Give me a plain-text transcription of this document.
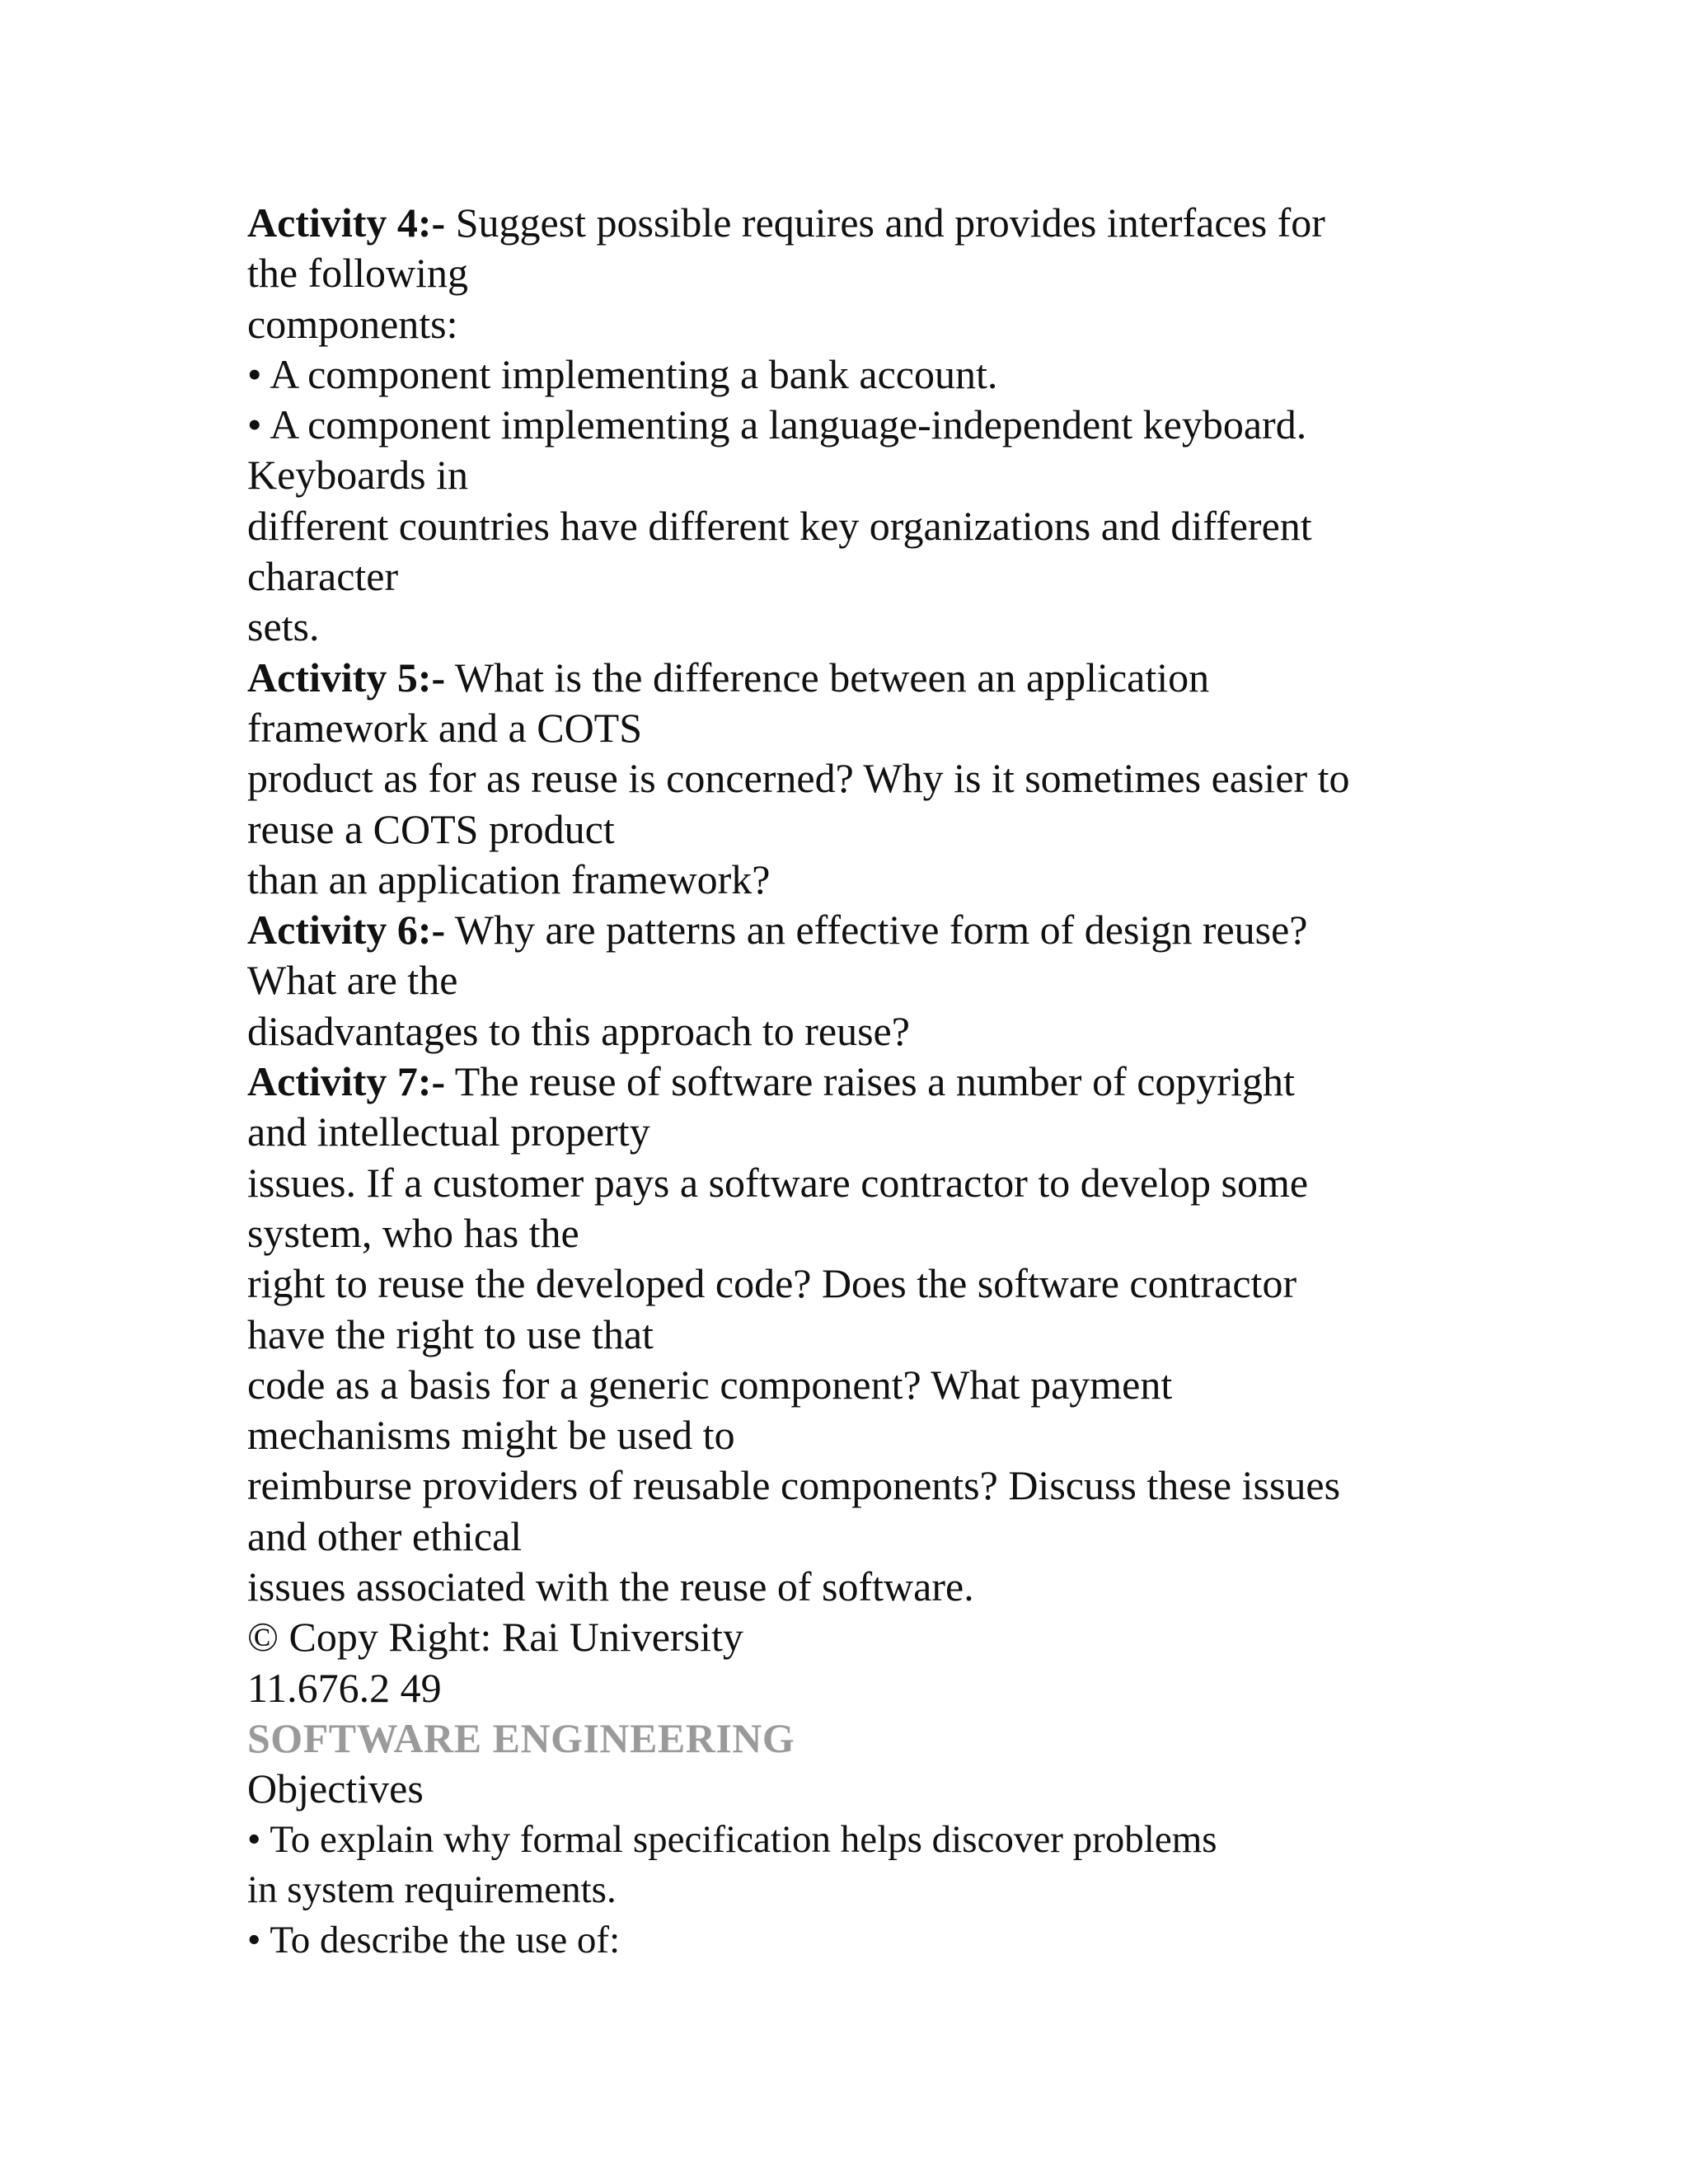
Activity 4:- Suggest possible requires and provides interfaces for
the following
components:
• A component implementing a bank account.
• A component implementing a language-independent keyboard.
Keyboards in
different countries have different key organizations and different
character
sets.
Activity 5:- What is the difference between an application
framework and a COTS
product as for as reuse is concerned? Why is it sometimes easier to
reuse a COTS product
than an application framework?
Activity 6:- Why are patterns an effective form of design reuse?
What are the
disadvantages to this approach to reuse?
Activity 7:- The reuse of software raises a number of copyright
and intellectual property
issues. If a customer pays a software contractor to develop some
system, who has the
right to reuse the developed code? Does the software contractor
have the right to use that
code as a basis for a generic component? What payment
mechanisms might be used to
reimburse providers of reusable components? Discuss these issues
and other ethical
issues associated with the reuse of software.
© Copy Right: Rai University
11.676.2 49
SOFTWARE ENGINEERING
Objectives
• To explain why formal specification helps discover problems
in system requirements.
• To describe the use of:
